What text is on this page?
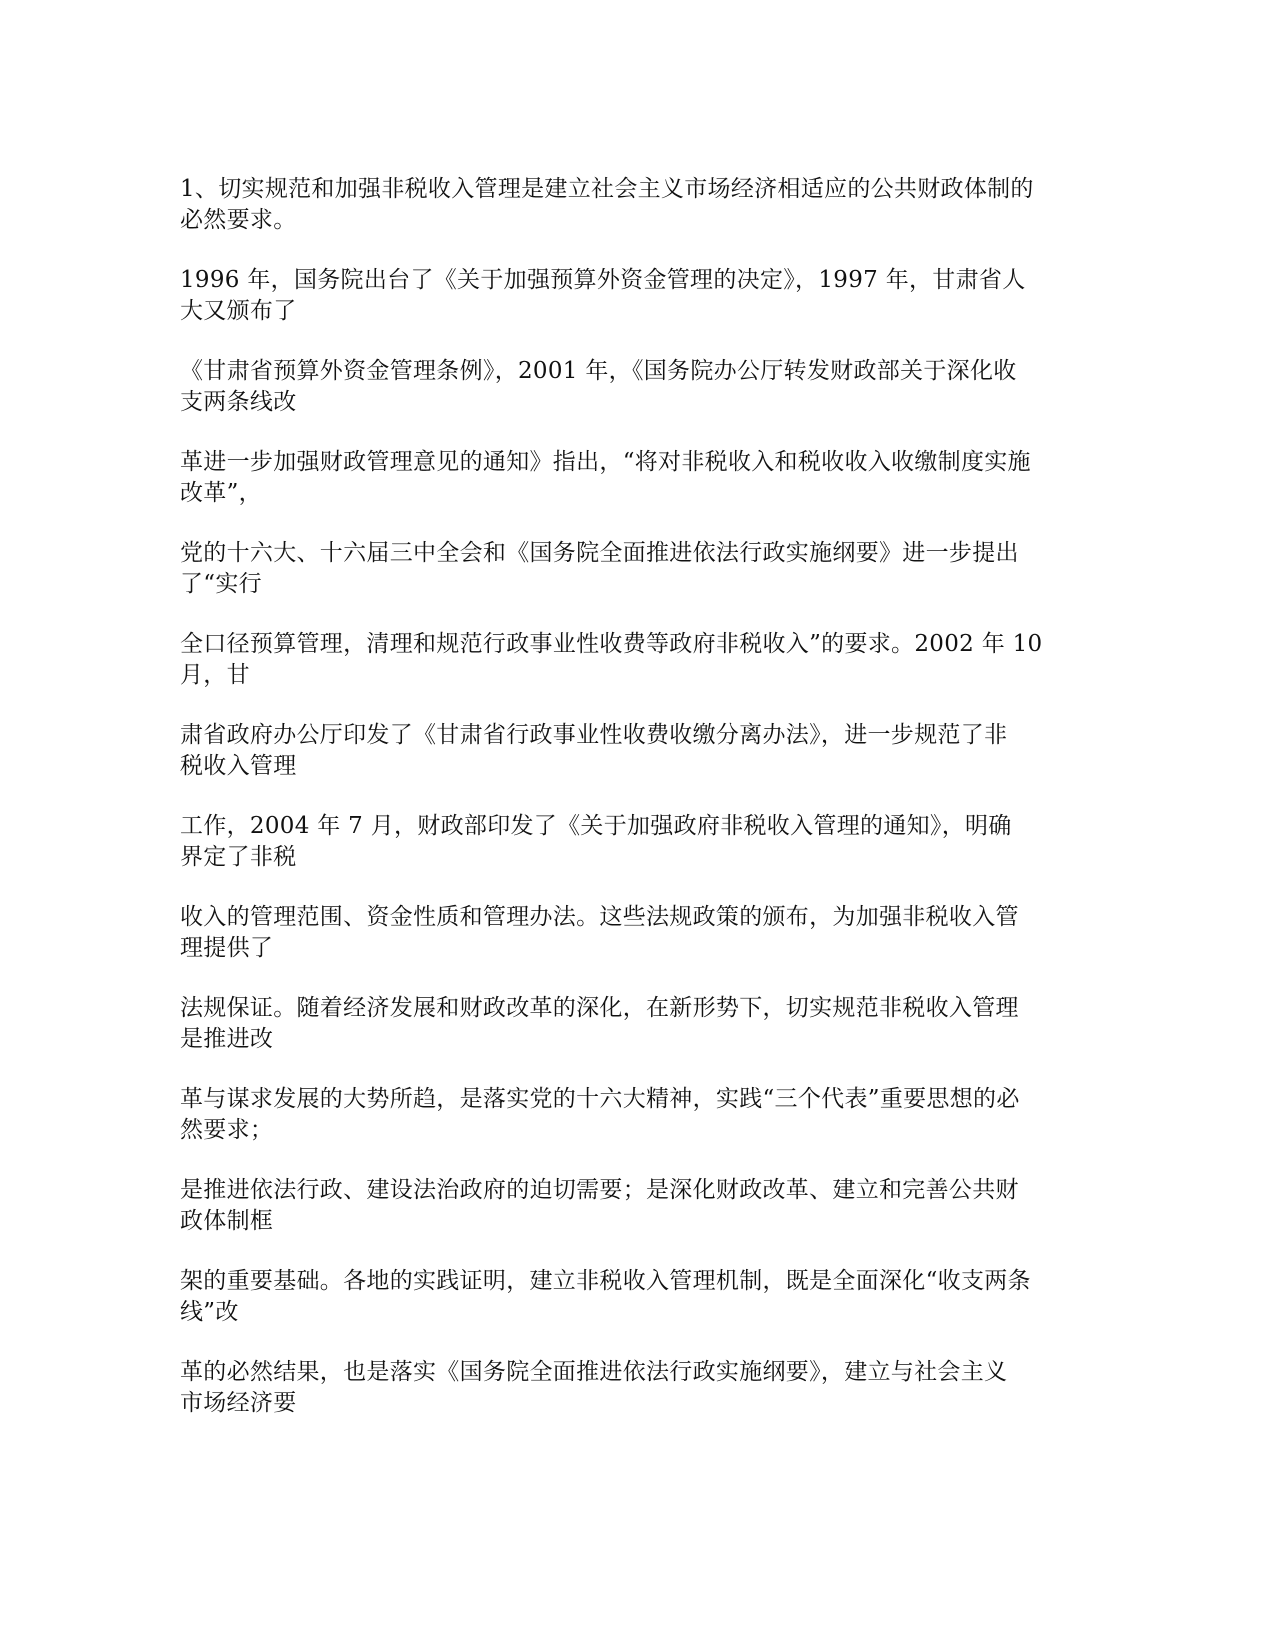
1、切实规范和加强非税收入管理是建立社会主义市场经济相适应的公共财政体制的
必然要求。

1996 年，国务院出台了《关于加强预算外资金管理的决定》，1997 年，甘肃省人
大又颁布了

《甘肃省预算外资金管理条例》，2001 年，《国务院办公厅转发财政部关于深化收
支两条线改

革进一步加强财政管理意见的通知》指出，“将对非税收入和税收收入收缴制度实施
改革”，

党的十六大、十六届三中全会和《国务院全面推进依法行政实施纲要》进一步提出
了“实行

全口径预算管理，清理和规范行政事业性收费等政府非税收入”的要求。2002 年 10
月，甘

肃省政府办公厅印发了《甘肃省行政事业性收费收缴分离办法》，进一步规范了非
税收入管理

工作，2004 年 7 月，财政部印发了《关于加强政府非税收入管理的通知》，明确
界定了非税

收入的管理范围、资金性质和管理办法。这些法规政策的颁布，为加强非税收入管
理提供了

法规保证。随着经济发展和财政改革的深化，在新形势下，切实规范非税收入管理
是推进改

革与谋求发展的大势所趋，是落实党的十六大精神，实践“三个代表”重要思想的必
然要求；

是推进依法行政、建设法治政府的迫切需要；是深化财政改革、建立和完善公共财
政体制框

架的重要基础。各地的实践证明，建立非税收入管理机制，既是全面深化“收支两条
线”改

革的必然结果，也是落实《国务院全面推进依法行政实施纲要》，建立与社会主义
市场经济要
